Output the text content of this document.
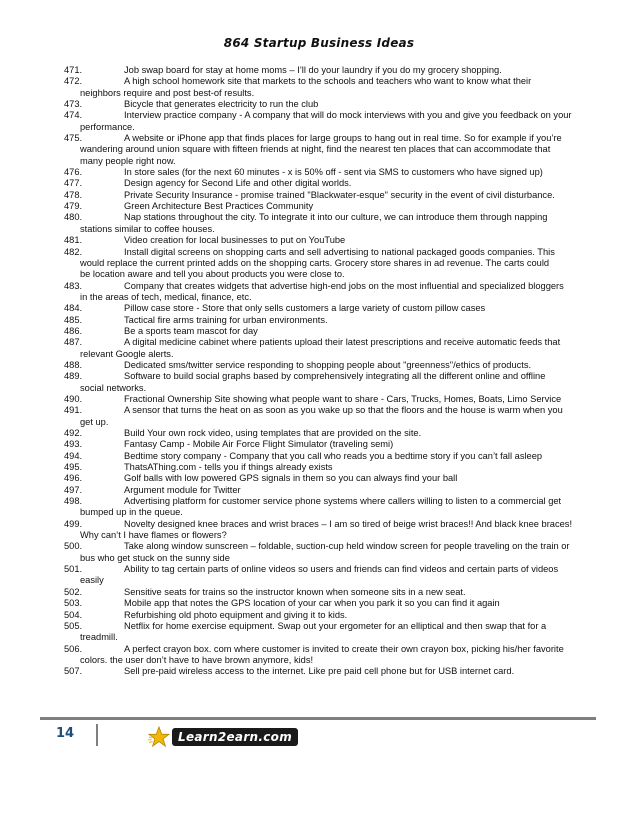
864 Startup Business Ideas
471.	Job swap board for stay at home moms – I’ll do your laundry if you do my grocery shopping.
472.	A high school homework site that markets to the schools and teachers who want to know what their
neighbors require and post best-of results.
473.	Bicycle that generates electricity to run the club
474.	Interview practice company - A company that will do mock interviews with you and give you feedback on your
performance.
475.	A website or iPhone app that finds places for large groups to hang out in real time. So for example if you’re
wandering around union square with fifteen friends at night, find the nearest ten places that can accommodate that
many people right now.
476.	In store sales (for the next 60 minutes - x is 50% off - sent via SMS to customers who have signed up)
477.	Design agency for Second Life and other digital worlds.
478.	Private Security Insurance - promise trained "Blackwater-esque" security in the event of civil disturbance.
479.	Green Architecture Best Practices Community
480.	Nap stations throughout the city. To integrate it into our culture, we can introduce them through napping
stations similar to coffee houses.
481.	Video creation for local businesses to put on YouTube
482.	Install digital screens on shopping carts and sell advertising to national packaged goods companies. This
would replace the current printed adds on the shopping carts. Grocery store shares in ad revenue. The carts could
be location aware and tell you about products you were close to.
483.	Company that creates widgets that advertise high-end jobs on the most influential and specialized bloggers
in the areas of tech, medical, finance, etc.
484.	Pillow case store - Store that only sells customers a large variety of custom pillow cases
485.	Tactical fire arms training for urban environments.
486.	Be a sports team mascot for day
487.	A digital medicine cabinet where patients upload their latest prescriptions and receive automatic feeds that
relevant Google alerts.
488.	Dedicated sms/twitter service responding to shopping people about "greenness"/ethics of products.
489.	Software to build social graphs based by comprehensively integrating all the different online and offline
social networks.
490.	Fractional Ownership Site showing what people want to share - Cars, Trucks, Homes, Boats, Limo Service
491.	A sensor that turns the heat on as soon as you wake up so that the floors and the house is warm when you
get up.
492.	Build Your own rock video, using templates that are provided on the site.
493.	Fantasy Camp - Mobile Air Force Flight Simulator (traveling semi)
494.	Bedtime story company - Company that you call who reads you a bedtime story if you can’t fall asleep
495.	ThatsAThing.com - tells you if things already exists
496.	Golf balls with low powered GPS signals in them so you can always find your ball
497.	Argument module for Twitter
498.	Advertising platform for customer service phone systems where callers willing to listen to a commercial get
bumped up in the queue.
499.	Novelty designed knee braces and wrist braces – I am so tired of beige wrist braces!! And black knee braces!
Why can’t I have flames or flowers?
500.	Take along window sunscreen – foldable, suction-cup held window screen for people traveling on the train or
bus who get stuck on the sunny side
501.	Ability to tag certain parts of online videos so users and friends can find videos and certain parts of videos
easily
502.	Sensitive seats for trains so the instructor known when someone sits in a new seat.
503.	Mobile app that notes the GPS location of your car when you park it so you can find it again
504.	Refurbishing old photo equipment and giving it to kids.
505.	Netflix for home exercise equipment. Swap out your ergometer for an elliptical and then swap that for a
treadmill.
506.	A perfect crayon box. com where customer is invited to create their own crayon box, picking his/her favorite
colors. the user don’t have to have brown anymore, kids!
507.	Sell pre-paid wireless access to the internet. Like pre paid cell phone but for USB internet card.
14	Learn2earn.com
